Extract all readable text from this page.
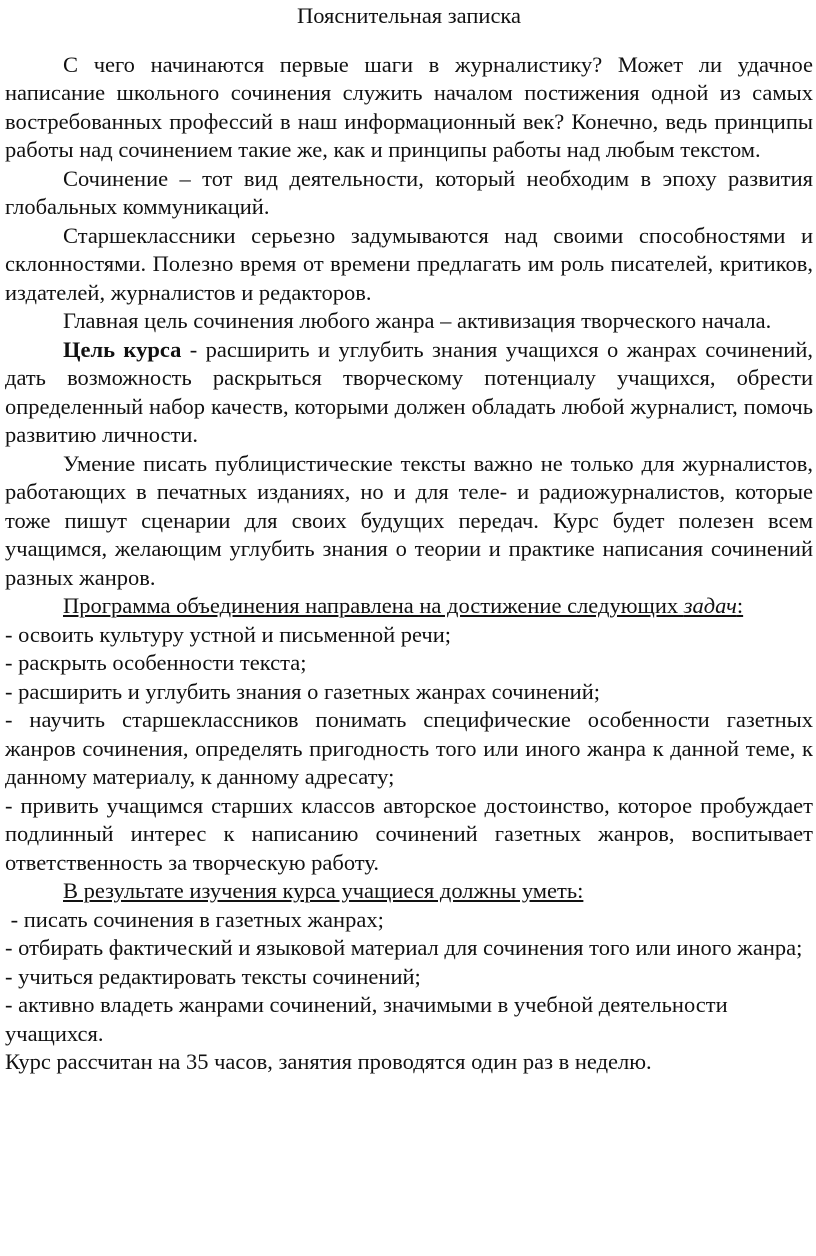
Пояснительная записка

С чего начинаются первые шаги в журналистику? Может ли удачное написание школьного сочинения служить началом постижения одной из самых востребованных профессий в наш информационный век? Конечно, ведь принципы работы над сочинением такие же, как и принципы работы над любым текстом.

Сочинение – тот вид деятельности, который необходим в эпоху развития глобальных коммуникаций.

Старшеклассники серьезно задумываются над своими способностями и склонностями. Полезно время от времени предлагать им роль писателей, критиков, издателей, журналистов и редакторов.

Главная цель сочинения любого жанра – активизация творческого начала.

Цель курса - расширить и углубить знания учащихся о жанрах сочинений, дать возможность раскрыться творческому потенциалу учащихся, обрести определенный набор качеств, которыми должен обладать любой журналист, помочь развитию личности.

Умение писать публицистические тексты важно не только для журналистов, работающих в печатных изданиях, но и для теле- и радиожурналистов, которые тоже пишут сценарии для своих будущих передач. Курс будет полезен всем учащимся, желающим углубить знания о теории и практике написания сочинений разных жанров.

Программа объединения направлена на достижение следующих задач:

- освоить культуру устной и письменной речи;

- раскрыть особенности текста;

- расширить и углубить знания о газетных жанрах сочинений;

- научить старшеклассников понимать специфические особенности газетных жанров сочинения, определять пригодность того или иного жанра к данной теме, к данному материалу, к данному адресату;

- привить учащимся старших классов авторское достоинство, которое пробуждает подлинный интерес к написанию сочинений газетных жанров, воспитывает ответственность за творческую работу.

В результате изучения курса учащиеся должны уметь:

- писать сочинения в газетных жанрах;

- отбирать фактический и языковой материал для сочинения того или иного жанра;

- учиться редактировать тексты сочинений;

- активно владеть жанрами сочинений, значимыми в учебной деятельности учащихся.

Курс рассчитан на 35 часов, занятия проводятся один раз в неделю.
